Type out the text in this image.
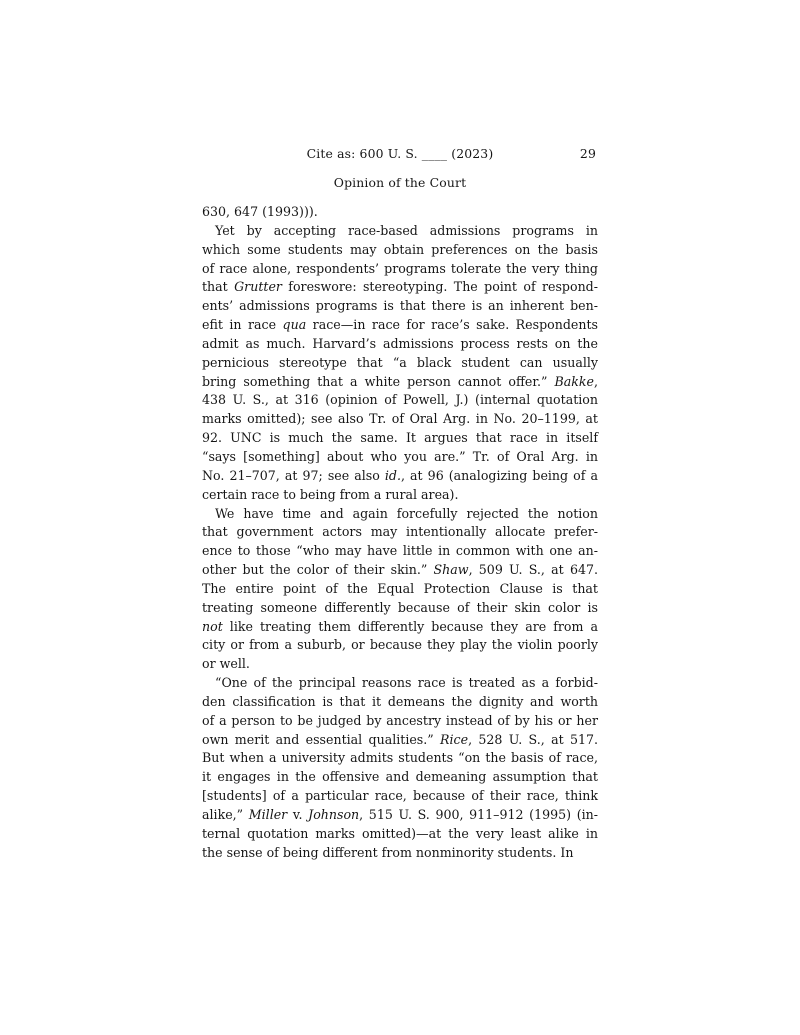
Cite as: 600 U. S. ____ (2023)	29
Opinion of the Court
630, 647 (1993))).
Yet by accepting race-based admissions programs in
which some students may obtain preferences on the basis
of race alone, respondents’ programs tolerate the very thing
that Grutter foreswore: stereotyping. The point of respond-
ents’ admissions programs is that there is an inherent ben-
efit in race qua race—in race for race’s sake. Respondents
admit as much. Harvard’s admissions process rests on the
pernicious stereotype that “a black student can usually
bring something that a white person cannot offer.” Bakke,
438 U. S., at 316 (opinion of Powell, J.) (internal quotation
marks omitted); see also Tr. of Oral Arg. in No. 20–1199, at
92. UNC is much the same. It argues that race in itself
“says [something] about who you are.” Tr. of Oral Arg. in
No. 21–707, at 97; see also id., at 96 (analogizing being of a
certain race to being from a rural area).
We have time and again forcefully rejected the notion
that government actors may intentionally allocate prefer-
ence to those “who may have little in common with one an-
other but the color of their skin.” Shaw, 509 U. S., at 647.
The entire point of the Equal Protection Clause is that
treating someone differently because of their skin color is
not like treating them differently because they are from a
city or from a suburb, or because they play the violin poorly
or well.
“One of the principal reasons race is treated as a forbid-
den classification is that it demeans the dignity and worth
of a person to be judged by ancestry instead of by his or her
own merit and essential qualities.” Rice, 528 U. S., at 517.
But when a university admits students “on the basis of race,
it engages in the offensive and demeaning assumption that
[students] of a particular race, because of their race, think
alike,” Miller v. Johnson, 515 U. S. 900, 911–912 (1995) (in-
ternal quotation marks omitted)—at the very least alike in
the sense of being different from nonminority students. In
